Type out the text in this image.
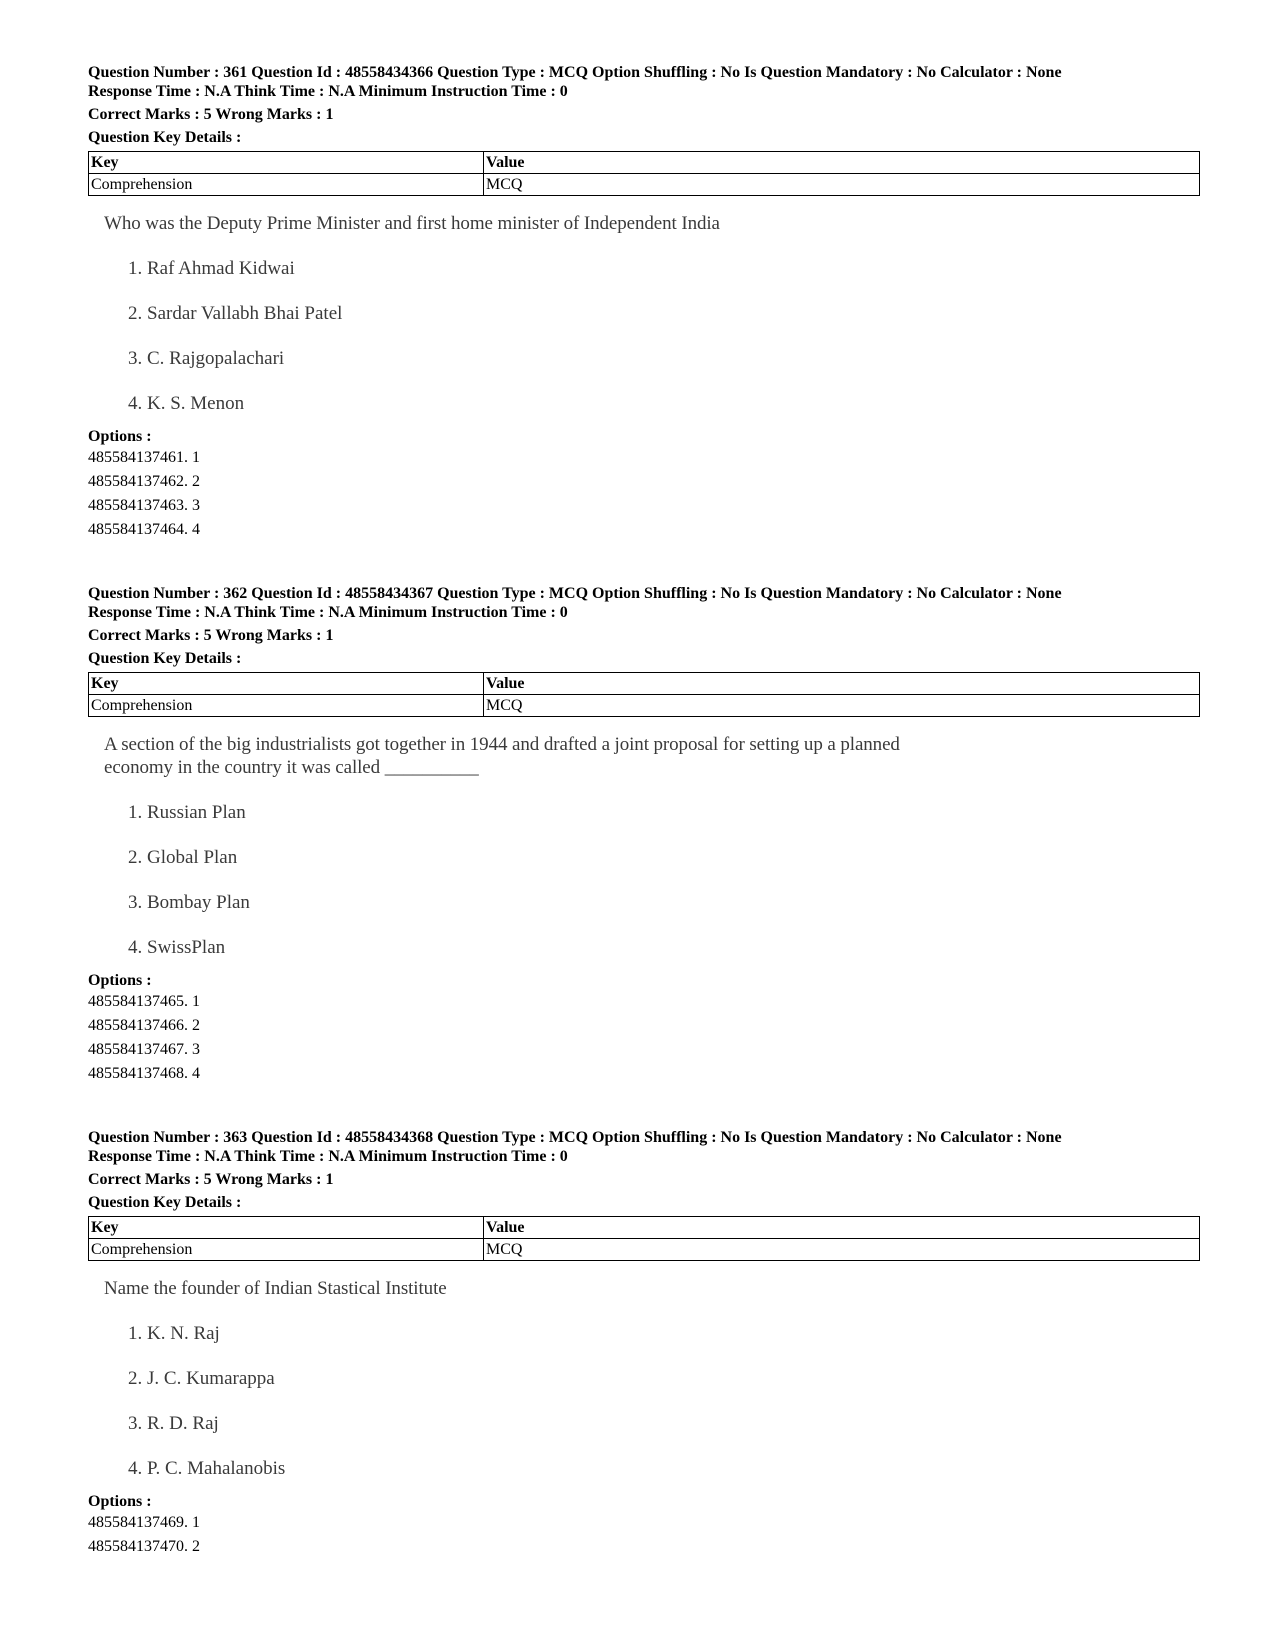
Question Number : 361 Question Id : 48558434366 Question Type : MCQ Option Shuffling : No Is Question Mandatory : No Calculator : None

Response Time : N.A Think Time : N.A Minimum Instruction Time : 0

Correct Marks : 5 Wrong Marks : 1

Question Key Details :

Key	Value
Comprehension	MCQ

Who was the Deputy Prime Minister and first home minister of Independent India

1. Raf Ahmad Kidwai
2. Sardar Vallabh Bhai Patel
3. C. Rajgopalachari
4. K. S. Menon
Options :
485584137461. 1
485584137462. 2
485584137463. 3
485584137464. 4

Question Number : 362 Question Id : 48558434367 Question Type : MCQ Option Shuffling : No Is Question Mandatory : No Calculator : None

Response Time : N.A Think Time : N.A Minimum Instruction Time : 0

Correct Marks : 5 Wrong Marks : 1

Question Key Details :

Key	Value
Comprehension	MCQ

A section of the big industrialists got together in 1944 and drafted a joint proposal for setting up a planned
economy in the country it was called __________

1. Russian Plan
2. Global Plan
3. Bombay Plan
4. SwissPlan
Options :
485584137465. 1
485584137466. 2
485584137467. 3
485584137468. 4

Question Number : 363 Question Id : 48558434368 Question Type : MCQ Option Shuffling : No Is Question Mandatory : No Calculator : None

Response Time : N.A Think Time : N.A Minimum Instruction Time : 0

Correct Marks : 5 Wrong Marks : 1

Question Key Details :

Key	Value
Comprehension	MCQ

Name the founder of Indian Stastical Institute

1. K. N. Raj
2. J. C. Kumarappa
3. R. D. Raj
4. P. C. Mahalanobis
Options :
485584137469. 1
485584137470. 2
